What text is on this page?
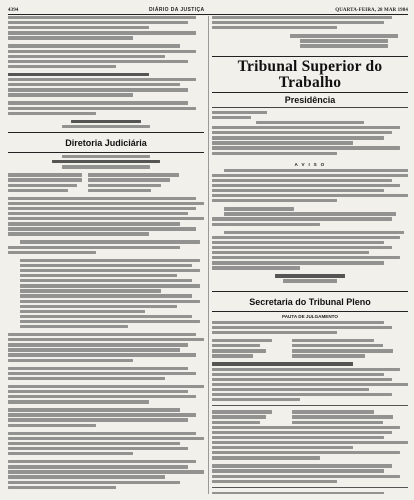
4394	DIÁRIO DA JUSTIÇA	QUARTA-FEIRA, 28 MAR 1984
Diretoria Judiciária
Tribunal Superior do Trabalho
Presidência
A V I S O
Secretaria do Tribunal Pleno
PAUTA DE JULGAMENTO
